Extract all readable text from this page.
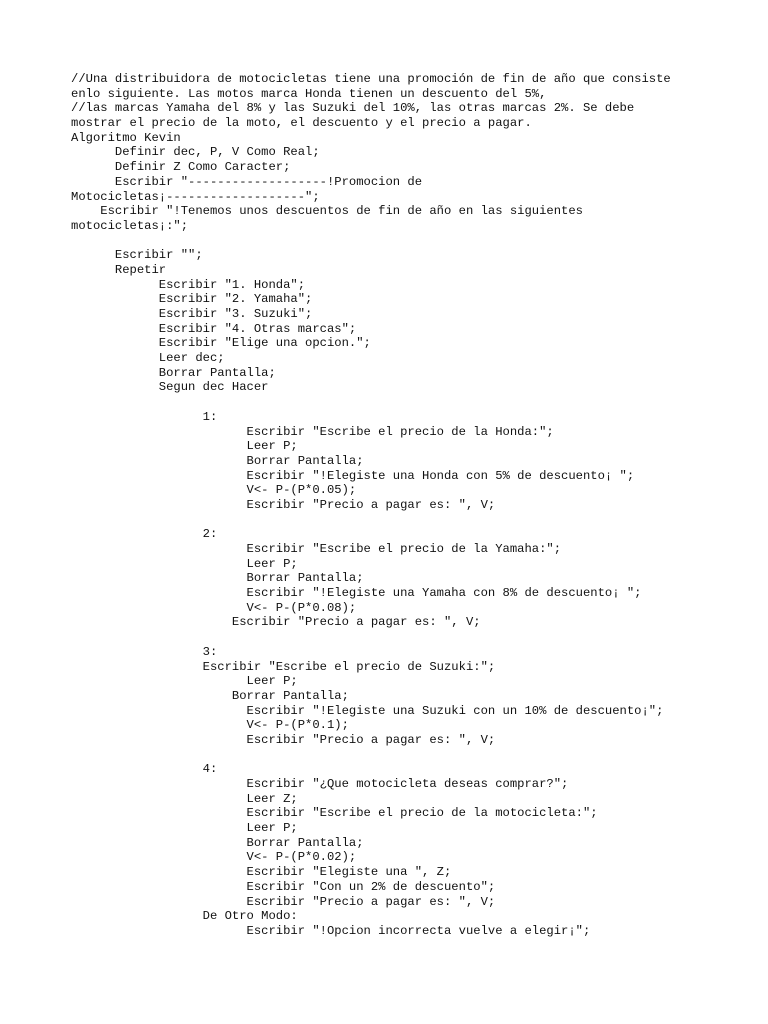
//Una distribuidora de motocicletas tiene una promoción de fin de año que consiste
enlo siguiente. Las motos marca Honda tienen un descuento del 5%,
//las marcas Yamaha del 8% y las Suzuki del 10%, las otras marcas 2%. Se debe
mostrar el precio de la moto, el descuento y el precio a pagar.
Algoritmo Kevin
Definir dec, P, V Como Real;
Definir Z Como Caracter;
Escribir "-------------------!Promocion de
Motocicletas¡-------------------";
Escribir "!Tenemos unos descuentos de fin de año en las siguientes
motocicletas¡:";
Escribir "";
Repetir
Escribir "1. Honda";
Escribir "2. Yamaha";
Escribir "3. Suzuki";
Escribir "4. Otras marcas";
Escribir "Elige una opcion.";
Leer dec;
Borrar Pantalla;
Segun dec Hacer
1:
Escribir "Escribe el precio de la Honda:";
Leer P;
Borrar Pantalla;
Escribir "!Elegiste una Honda con 5% de descuento¡ ";
V<- P-(P*0.05);
Escribir "Precio a pagar es: ", V;
2:
Escribir "Escribe el precio de la Yamaha:";
Leer P;
Borrar Pantalla;
Escribir "!Elegiste una Yamaha con 8% de descuento¡ ";
V<- P-(P*0.08);
Escribir "Precio a pagar es: ", V;
3:
Escribir "Escribe el precio de Suzuki:";
Leer P;
Borrar Pantalla;
Escribir "!Elegiste una Suzuki con un 10% de descuento¡";
V<- P-(P*0.1);
Escribir "Precio a pagar es: ", V;
4:
Escribir "¿Que motocicleta deseas comprar?";
Leer Z;
Escribir "Escribe el precio de la motocicleta:";
Leer P;
Borrar Pantalla;
V<- P-(P*0.02);
Escribir "Elegiste una ", Z;
Escribir "Con un 2% de descuento";
Escribir "Precio a pagar es: ", V;
De Otro Modo:
Escribir "!Opcion incorrecta vuelve a elegir¡";
